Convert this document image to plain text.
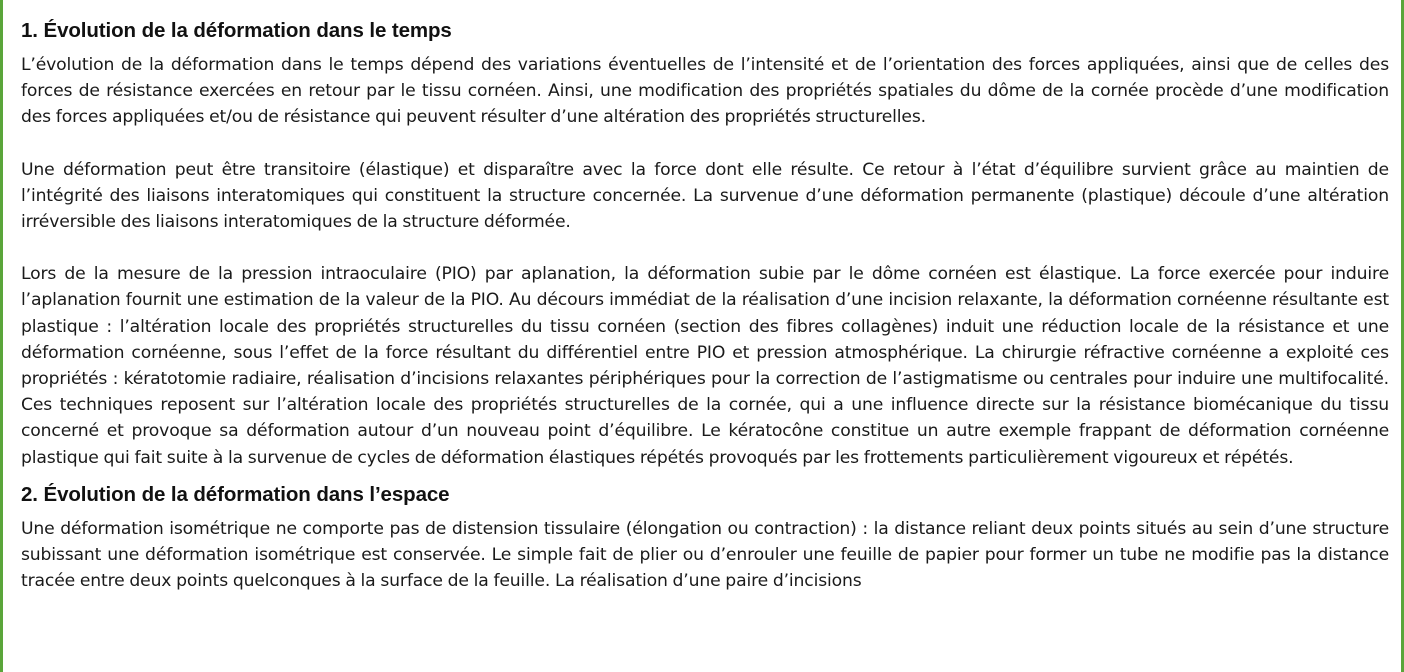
1. Évolution de la déformation dans le temps

L’évolution de la déformation dans le temps dépend des variations éventuelles de l’intensité et de l’orientation des forces appliquées, ainsi que de celles des forces de résistance exercées en retour par le tissu cornéen. Ainsi, une modification des propriétés spatiales du dôme de la cornée procède d’une modification des forces appliquées et/ou de résistance qui peuvent résulter d’une altération des propriétés structurelles.

Une déformation peut être transitoire (élastique) et disparaître avec la force dont elle résulte. Ce retour à l’état d’équilibre survient grâce au maintien de l’intégrité des liaisons interatomiques qui constituent la structure concernée. La survenue d’une déformation permanente (plastique) découle d’une altération irréversible des liaisons interatomiques de la structure déformée.

Lors de la mesure de la pression intraoculaire (PIO) par aplanation, la déformation subie par le dôme cornéen est élastique. La force exercée pour induire l’aplanation fournit une estimation de la valeur de la PIO. Au décours immédiat de la réalisation d’une incision relaxante, la déformation cornéenne résultante est plastique : l’altération locale des propriétés structurelles du tissu cornéen (section des fibres collagènes) induit une réduction locale de la résistance et une déformation cornéenne, sous l’effet de la force résultant du différentiel entre PIO et pression atmosphérique. La chirurgie réfractive cornéenne a exploité ces propriétés : kératotomie radiaire, réalisation d’incisions relaxantes périphériques pour la correction de l’astigmatisme ou centrales pour induire une multifocalité. Ces techniques reposent sur l’altération locale des propriétés structurelles de la cornée, qui a une influence directe sur la résistance biomécanique du tissu concerné et provoque sa déformation autour d’un nouveau point d’équilibre. Le kératocône constitue un autre exemple frappant de déformation cornéenne plastique qui fait suite à la survenue de cycles de déformation élastiques répétés provoqués par les frottements particulièrement vigoureux et répétés.

2. Évolution de la déformation dans l’espace

Une déformation isométrique ne comporte pas de distension tissulaire (élongation ou contraction) : la distance reliant deux points situés au sein d’une structure subissant une déformation isométrique est conservée. Le simple fait de plier ou d’enrouler une feuille de papier pour former un tube ne modifie pas la distance tracée entre deux points quelconques à la surface de la feuille. La réalisation d’une paire d’incisions
